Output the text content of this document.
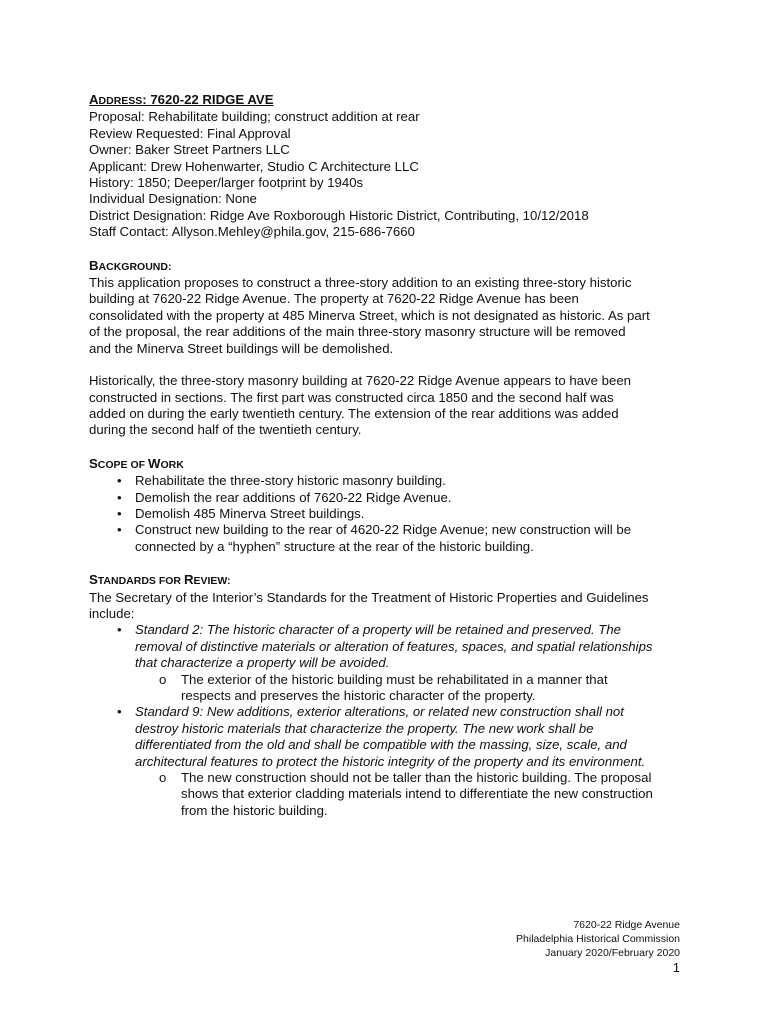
ADDRESS: 7620-22 RIDGE AVE
Proposal: Rehabilitate building; construct addition at rear
Review Requested: Final Approval
Owner: Baker Street Partners LLC
Applicant: Drew Hohenwarter, Studio C Architecture LLC
History: 1850; Deeper/larger footprint by 1940s
Individual Designation: None
District Designation: Ridge Ave Roxborough Historic District, Contributing, 10/12/2018
Staff Contact: Allyson.Mehley@phila.gov, 215-686-7660
BACKGROUND:
This application proposes to construct a three-story addition to an existing three-story historic
building at 7620-22 Ridge Avenue. The property at 7620-22 Ridge Avenue has been
consolidated with the property at 485 Minerva Street, which is not designated as historic. As part
of the proposal, the rear additions of the main three-story masonry structure will be removed
and the Minerva Street buildings will be demolished.
Historically, the three-story masonry building at 7620-22 Ridge Avenue appears to have been
constructed in sections. The first part was constructed circa 1850 and the second half was
added on during the early twentieth century. The extension of the rear additions was added
during the second half of the twentieth century.
SCOPE OF WORK
• Rehabilitate the three-story historic masonry building.
• Demolish the rear additions of 7620-22 Ridge Avenue.
• Demolish 485 Minerva Street buildings.
• Construct new building to the rear of 4620-22 Ridge Avenue; new construction will be
connected by a “hyphen” structure at the rear of the historic building.
STANDARDS FOR REVIEW:
The Secretary of the Interior’s Standards for the Treatment of Historic Properties and Guidelines
include:
• Standard 2: The historic character of a property will be retained and preserved. The
removal of distinctive materials or alteration of features, spaces, and spatial relationships
that characterize a property will be avoided.
o The exterior of the historic building must be rehabilitated in a manner that
respects and preserves the historic character of the property.
• Standard 9: New additions, exterior alterations, or related new construction shall not
destroy historic materials that characterize the property. The new work shall be
differentiated from the old and shall be compatible with the massing, size, scale, and
architectural features to protect the historic integrity of the property and its environment.
o The new construction should not be taller than the historic building. The proposal
shows that exterior cladding materials intend to differentiate the new construction
from the historic building.
7620-22 Ridge Avenue
Philadelphia Historical Commission
January 2020/February 2020
1
